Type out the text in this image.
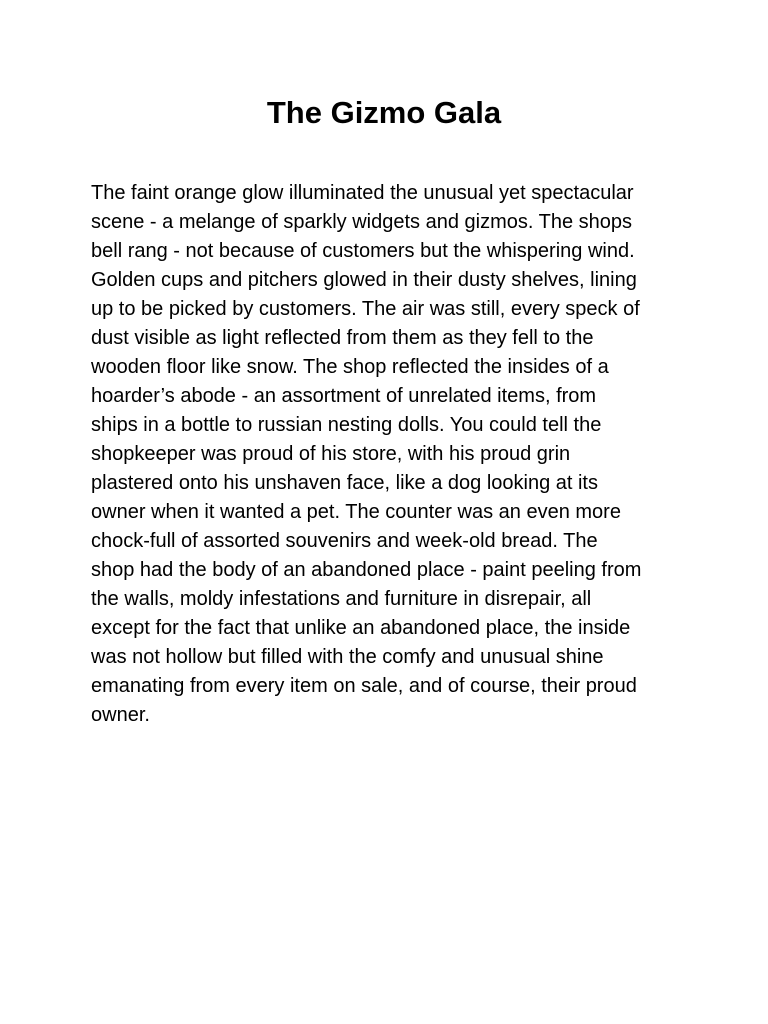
The Gizmo Gala

The faint orange glow illuminated the unusual yet spectacular
scene - a melange of sparkly widgets and gizmos. The shops
bell rang - not because of customers but the whispering wind.
Golden cups and pitchers glowed in their dusty shelves, lining
up to be picked by customers. The air was still, every speck of
dust visible as light reflected from them as they fell to the
wooden floor like snow. The shop reflected the insides of a
hoarder’s abode - an assortment of unrelated items, from
ships in a bottle to russian nesting dolls. You could tell the
shopkeeper was proud of his store, with his proud grin
plastered onto his unshaven face, like a dog looking at its
owner when it wanted a pet. The counter was an even more
chock-full of assorted souvenirs and week-old bread. The
shop had the body of an abandoned place - paint peeling from
the walls, moldy infestations and furniture in disrepair, all
except for the fact that unlike an abandoned place, the inside
was not hollow but filled with the comfy and unusual shine
emanating from every item on sale, and of course, their proud
owner.
